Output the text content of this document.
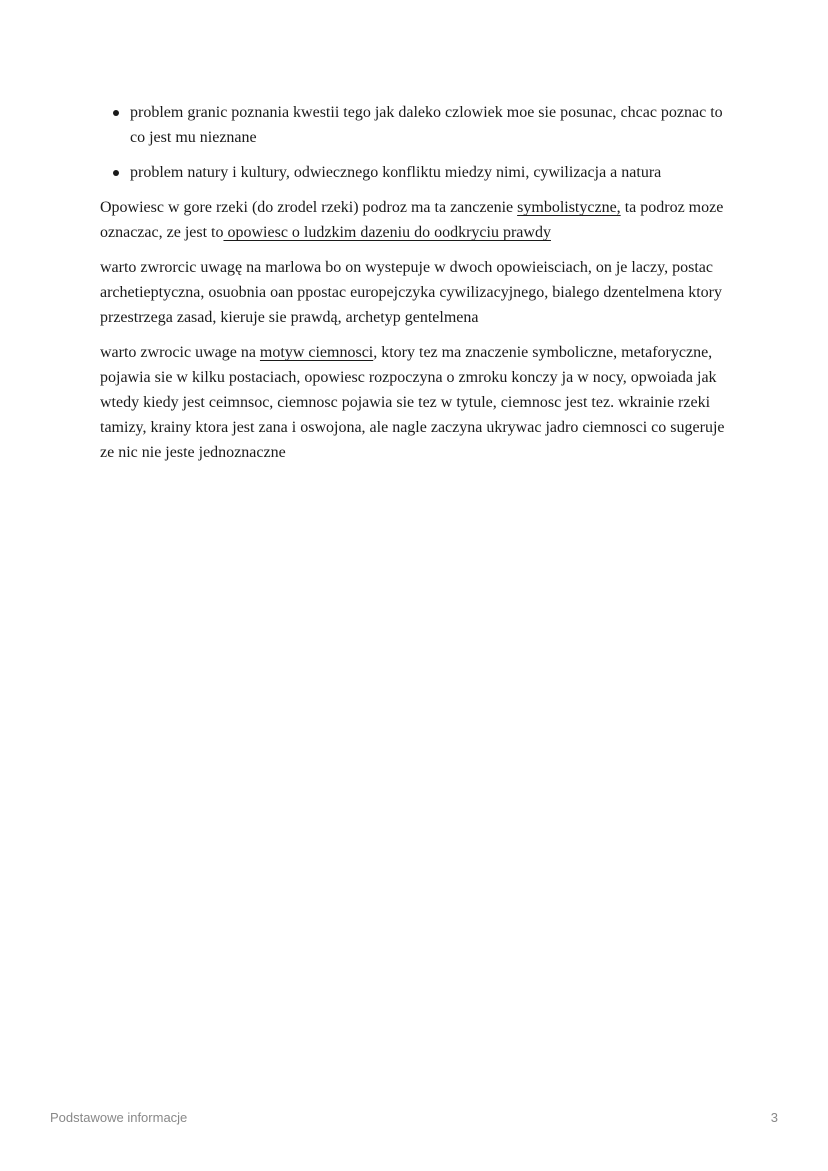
problem granic poznania kwestii tego jak daleko czlowiek moe sie posunac, chcac poznac to co jest mu nieznane
problem natury i kultury, odwiecznego konfliktu miedzy nimi, cywilizacja a natura

Opowiesc w gore rzeki (do zrodel rzeki) podroz ma ta zanczenie symbolistyczne, ta podroz moze oznaczac, ze jest to opowiesc o ludzkim dazeniu do oodkryciu prawdy

warto zwrorcic uwagę na marlowa bo on wystepuje w dwoch opowieisciach, on je laczy, postac archetieptyczna, osuobnia oan ppostac europejczyka cywilizacyjnego, bialego dzentelmena ktory przestrzega zasad, kieruje sie prawdą, archetyp gentelmena

warto zwrocic uwage na motyw ciemnosci, ktory tez ma znaczenie symboliczne, metaforyczne, pojawia sie w kilku postaciach, opowiesc rozpoczyna o zmroku konczy ja w nocy, opwoiada jak wtedy kiedy jest ceimnsoc, ciemnosc pojawia sie tez w tytule, ciemnosc jest tez. wkrainie rzeki tamizy, krainy ktora jest zana i oswojona, ale nagle zaczyna ukrywac jadro ciemnosci co sugeruje ze nic nie jeste jednoznaczne

Podstawowe informacje	3
